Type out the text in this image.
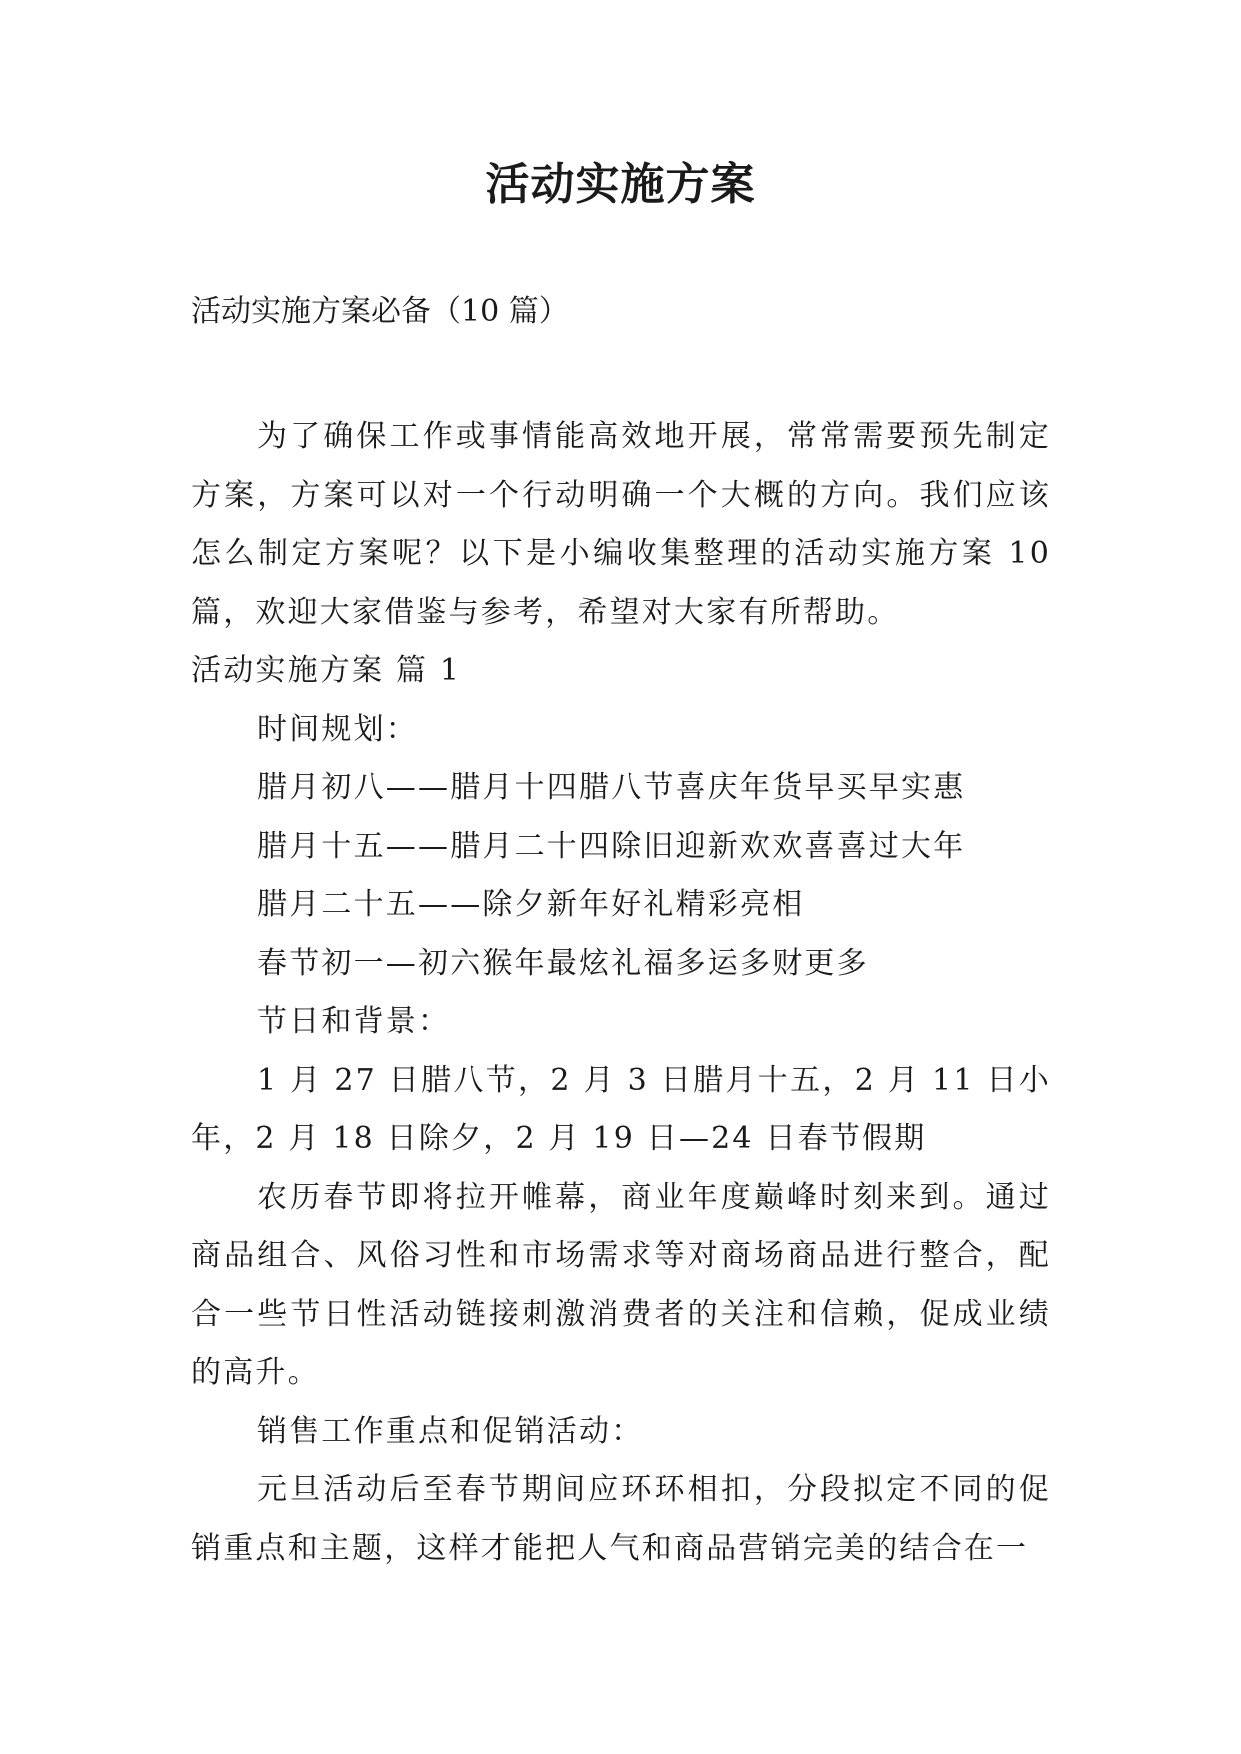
活动实施方案
活动实施方案必备（10 篇）

为了确保工作或事情能高效地开展，常常需要预先制定方案，方案可以对一个行动明确一个大概的方向。我们应该怎么制定方案呢？以下是小编收集整理的活动实施方案 10 篇，欢迎大家借鉴与参考，希望对大家有所帮助。

活动实施方案 篇 1

时间规划：

腊月初八——腊月十四腊八节喜庆年货早买早实惠

腊月十五——腊月二十四除旧迎新欢欢喜喜过大年

腊月二十五——除夕新年好礼精彩亮相

春节初一—初六猴年最炫礼福多运多财更多

节日和背景：

1 月 27 日腊八节，2 月 3 日腊月十五，2 月 11 日小年，2 月 18 日除夕，2 月 19 日—24 日春节假期

农历春节即将拉开帷幕，商业年度巅峰时刻来到。通过商品组合、风俗习性和市场需求等对商场商品进行整合，配合一些节日性活动链接刺激消费者的关注和信赖，促成业绩的高升。

销售工作重点和促销活动：

元旦活动后至春节期间应环环相扣，分段拟定不同的促销重点和主题，这样才能把人气和商品营销完美的结合在一
